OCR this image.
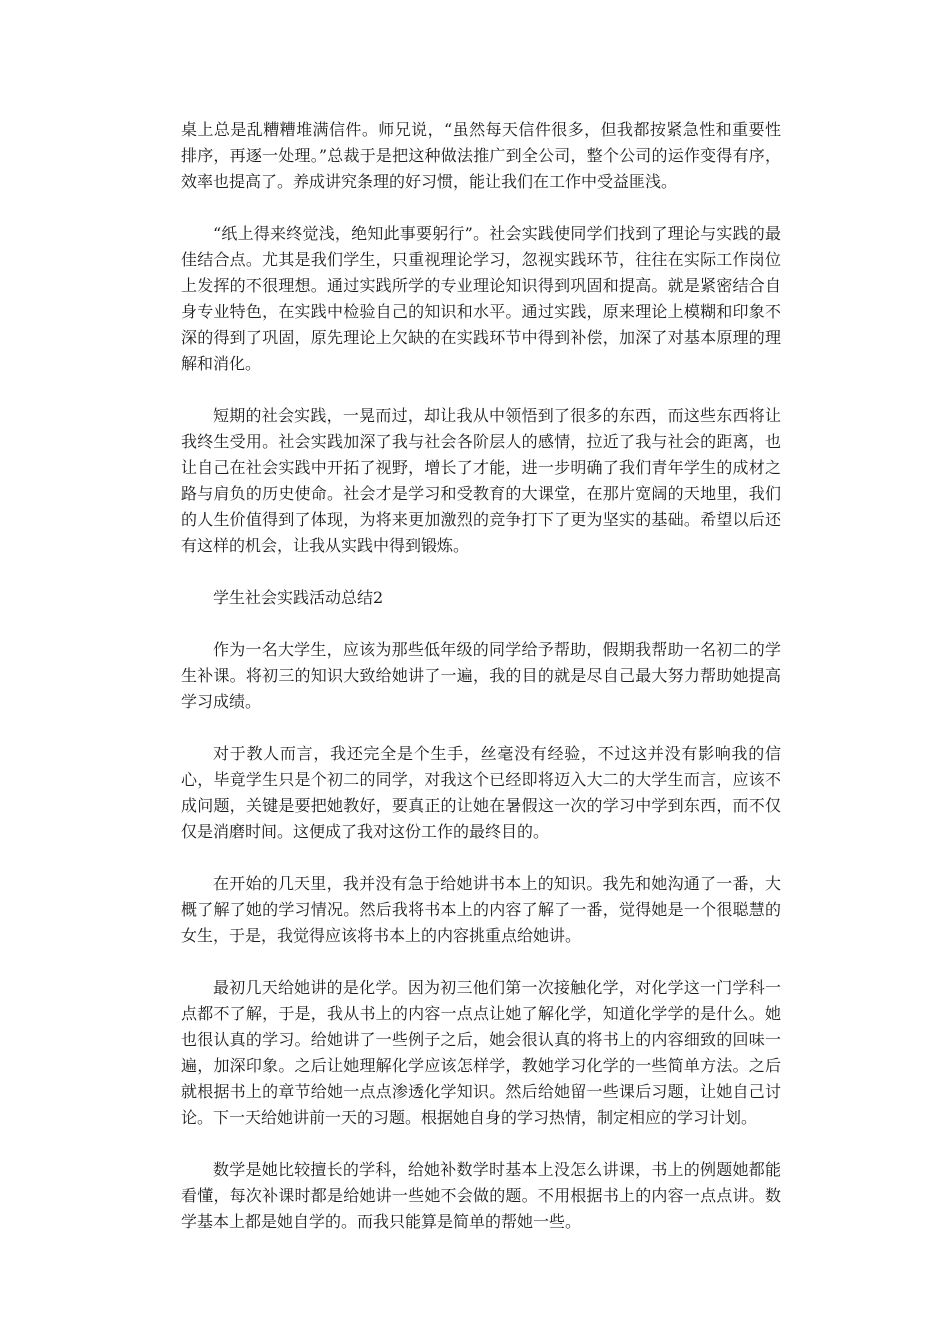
桌上总是乱糟糟堆满信件。师兄说，“虽然每天信件很多，但我都按紧急性和重要性排序，再逐一处理。”总裁于是把这种做法推广到全公司，整个公司的运作变得有序，效率也提高了。养成讲究条理的好习惯，能让我们在工作中受益匪浅。

“纸上得来终觉浅，绝知此事要躬行”。社会实践使同学们找到了理论与实践的最佳结合点。尤其是我们学生，只重视理论学习，忽视实践环节，往往在实际工作岗位上发挥的不很理想。通过实践所学的专业理论知识得到巩固和提高。就是紧密结合自身专业特色，在实践中检验自己的知识和水平。通过实践，原来理论上模糊和印象不深的得到了巩固，原先理论上欠缺的在实践环节中得到补偿，加深了对基本原理的理解和消化。

短期的社会实践，一晃而过，却让我从中领悟到了很多的东西，而这些东西将让我终生受用。社会实践加深了我与社会各阶层人的感情，拉近了我与社会的距离，也让自己在社会实践中开拓了视野，增长了才能，进一步明确了我们青年学生的成材之路与肩负的历史使命。社会才是学习和受教育的大课堂，在那片宽阔的天地里，我们的人生价值得到了体现，为将来更加激烈的竞争打下了更为坚实的基础。希望以后还有这样的机会，让我从实践中得到锻炼。

学生社会实践活动总结2

作为一名大学生，应该为那些低年级的同学给予帮助，假期我帮助一名初二的学生补课。将初三的知识大致给她讲了一遍，我的目的就是尽自己最大努力帮助她提高学习成绩。

对于教人而言，我还完全是个生手，丝毫没有经验，不过这并没有影响我的信心，毕竟学生只是个初二的同学，对我这个已经即将迈入大二的大学生而言，应该不成问题，关键是要把她教好，要真正的让她在暑假这一次的学习中学到东西，而不仅仅是消磨时间。这便成了我对这份工作的最终目的。

在开始的几天里，我并没有急于给她讲书本上的知识。我先和她沟通了一番，大概了解了她的学习情况。然后我将书本上的内容了解了一番，觉得她是一个很聪慧的女生，于是，我觉得应该将书本上的内容挑重点给她讲。

最初几天给她讲的是化学。因为初三他们第一次接触化学，对化学这一门学科一点都不了解，于是，我从书上的内容一点点让她了解化学，知道化学学的是什么。她也很认真的学习。给她讲了一些例子之后，她会很认真的将书上的内容细致的回味一遍，加深印象。之后让她理解化学应该怎样学，教她学习化学的一些简单方法。之后就根据书上的章节给她一点点渗透化学知识。然后给她留一些课后习题，让她自己讨论。下一天给她讲前一天的习题。根据她自身的学习热情，制定相应的学习计划。

数学是她比较擅长的学科，给她补数学时基本上没怎么讲课，书上的例题她都能看懂，每次补课时都是给她讲一些她不会做的题。不用根据书上的内容一点点讲。数学基本上都是她自学的。而我只能算是简单的帮她一些。
